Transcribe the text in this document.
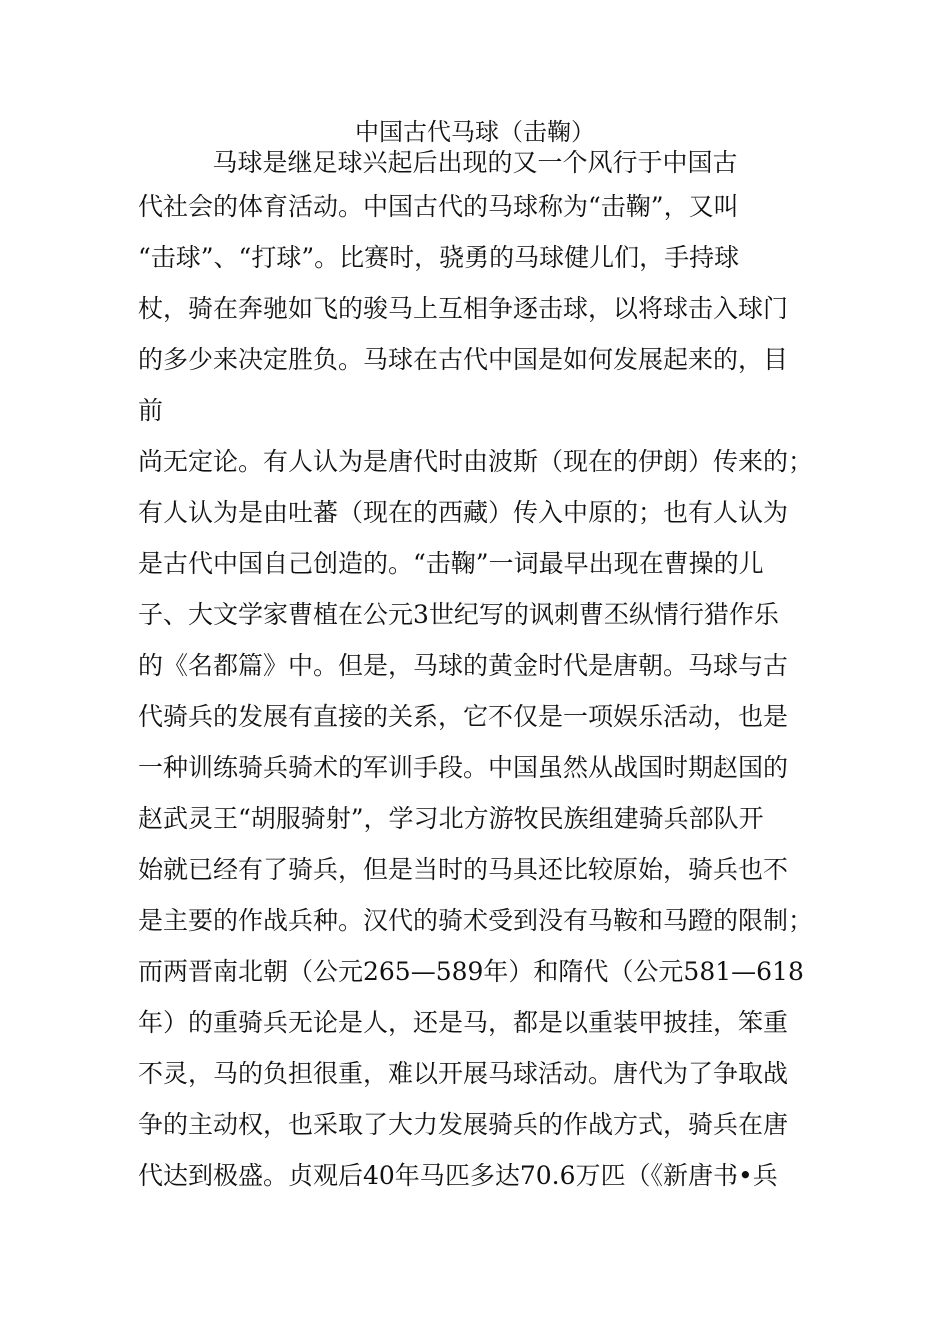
中国古代马球（击鞠）
马球是继足球兴起后出现的又一个风行于中国古
代社会的体育活动。中国古代的马球称为“击鞠”，又叫
“击球”、“打球”。比赛时，骁勇的马球健儿们，手持球
杖，骑在奔驰如飞的骏马上互相争逐击球，以将球击入球门
的多少来决定胜负。马球在古代中国是如何发展起来的，目
前
尚无定论。有人认为是唐代时由波斯（现在的伊朗）传来的；
有人认为是由吐蕃（现在的西藏）传入中原的；也有人认为
是古代中国自己创造的。“击鞠”一词最早出现在曹操的儿
子、大文学家曹植在公元3世纪写的讽刺曹丕纵情行猎作乐
的《名都篇》中。但是，马球的黄金时代是唐朝。马球与古
代骑兵的发展有直接的关系，它不仅是一项娱乐活动，也是
一种训练骑兵骑术的军训手段。中国虽然从战国时期赵国的
赵武灵王“胡服骑射”，学习北方游牧民族组建骑兵部队开
始就已经有了骑兵，但是当时的马具还比较原始，骑兵也不
是主要的作战兵种。汉代的骑术受到没有马鞍和马蹬的限制；
而两晋南北朝（公元265—589年）和隋代（公元581—618
年）的重骑兵无论是人，还是马，都是以重装甲披挂，笨重
不灵，马的负担很重，难以开展马球活动。唐代为了争取战
争的主动权，也采取了大力发展骑兵的作战方式，骑兵在唐
代达到极盛。贞观后40年马匹多达70.6万匹（《新唐书•兵
